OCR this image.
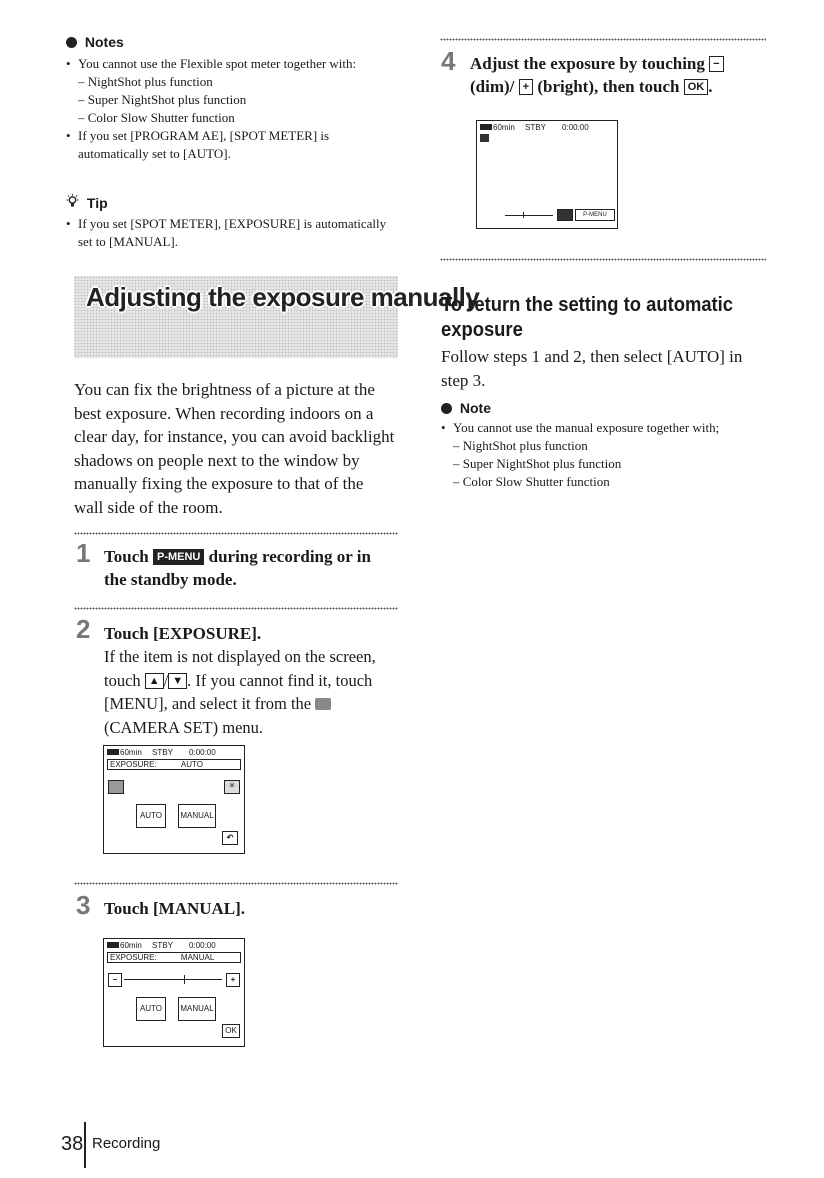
Notes
• You cannot use the Flexible spot meter together with:
– NightShot plus function
– Super NightShot plus function
– Color Slow Shutter function
• If you set [PROGRAM AE], [SPOT METER] is automatically set to [AUTO].
Tip
• If you set [SPOT METER], [EXPOSURE] is automatically set to [MANUAL].
Adjusting the exposure manually
You can fix the brightness of a picture at the best exposure. When recording indoors on a clear day, for instance, you can avoid backlight shadows on people next to the window by manually fixing the exposure to that of the wall side of the room.
1 Touch P-MENU during recording or in the standby mode.
2 Touch [EXPOSURE].
If the item is not displayed on the screen, touch ▲ / ▼ . If you cannot find it, touch [MENU], and select it from the  (CAMERA SET) menu.
60min STBY 0:00:00
EXPOSURE:	AUTO
✳
AUTO	MANUAL
↶
3 Touch [MANUAL].
60min STBY 0:00:00
EXPOSURE:	MANUAL
−	+
AUTO	MANUAL
OK
38 Recording
4 Adjust the exposure by touching − (dim)/ + (bright), then touch OK .
60min STBY 0:00:00
P-MENU
To return the setting to automatic exposure
Follow steps 1 and 2, then select [AUTO] in step 3.
Note
• You cannot use the manual exposure together with;
– NightShot plus function
– Super NightShot plus function
– Color Slow Shutter function
